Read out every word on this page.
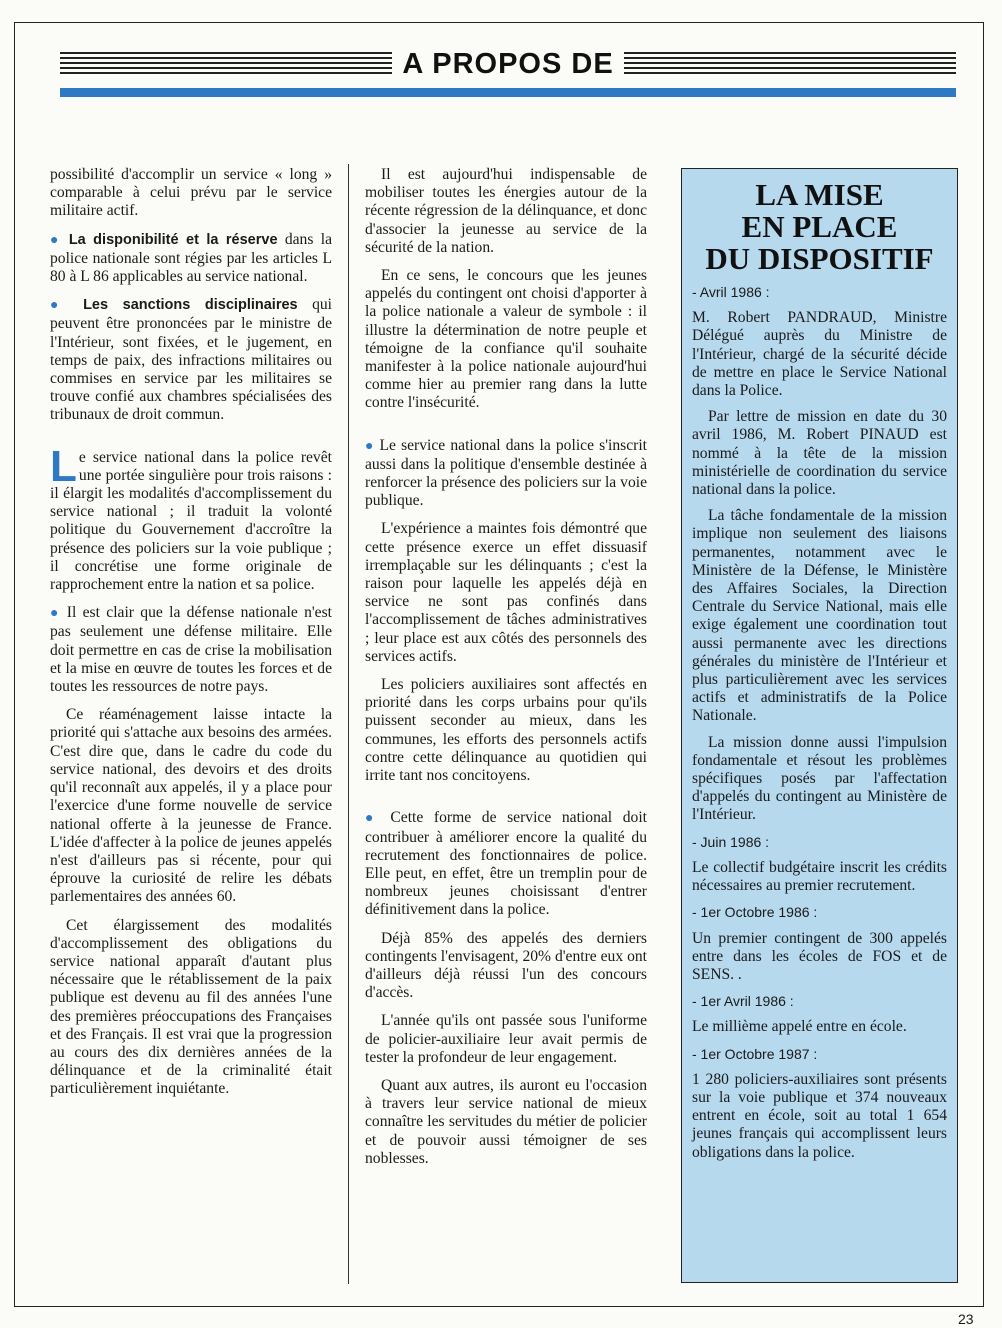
A PROPOS DE

possibilité d'accomplir un service « long » comparable à celui prévu par le service militaire actif.

● La disponibilité et la réserve dans la police nationale sont régies par les articles L 80 à L 86 applicables au service national.

● Les sanctions disciplinaires qui peuvent être prononcées par le ministre de l'Intérieur, sont fixées, et le jugement, en temps de paix, des infractions militaires ou commises en service par les militaires se trouve confié aux chambres spécialisées des tribunaux de droit commun.

Le service national dans la police revêt une portée singulière pour trois raisons : il élargit les modalités d'accomplissement du service national ; il traduit la volonté politique du Gouvernement d'accroître la présence des policiers sur la voie publique ; il concrétise une forme originale de rapprochement entre la nation et sa police.

● Il est clair que la défense nationale n'est pas seulement une défense militaire. Elle doit permettre en cas de crise la mobilisation et la mise en œuvre de toutes les forces et de toutes les ressources de notre pays.

Ce réaménagement laisse intacte la priorité qui s'attache aux besoins des armées. C'est dire que, dans le cadre du code du service national, des devoirs et des droits qu'il reconnaît aux appelés, il y a place pour l'exercice d'une forme nouvelle de service national offerte à la jeunesse de France. L'idée d'affecter à la police de jeunes appelés n'est d'ailleurs pas si récente, pour qui éprouve la curiosité de relire les débats parlementaires des années 60.

Cet élargissement des modalités d'accomplissement des obligations du service national apparaît d'autant plus nécessaire que le rétablissement de la paix publique est devenu au fil des années l'une des premières préoccupations des Françaises et des Français. Il est vrai que la progression au cours des dix dernières années de la délinquance et de la criminalité était particulièrement inquiétante.

Il est aujourd'hui indispensable de mobiliser toutes les énergies autour de la récente régression de la délinquance, et donc d'associer la jeunesse au service de la sécurité de la nation.

En ce sens, le concours que les jeunes appelés du contingent ont choisi d'apporter à la police nationale a valeur de symbole : il illustre la détermination de notre peuple et témoigne de la confiance qu'il souhaite manifester à la police nationale aujourd'hui comme hier au premier rang dans la lutte contre l'insécurité.

● Le service national dans la police s'inscrit aussi dans la politique d'ensemble destinée à renforcer la présence des policiers sur la voie publique.

L'expérience a maintes fois démontré que cette présence exerce un effet dissuasif irremplaçable sur les délinquants ; c'est la raison pour laquelle les appelés déjà en service ne sont pas confinés dans l'accomplissement de tâches administratives ; leur place est aux côtés des personnels des services actifs.

Les policiers auxiliaires sont affectés en priorité dans les corps urbains pour qu'ils puissent seconder au mieux, dans les communes, les efforts des personnels actifs contre cette délinquance au quotidien qui irrite tant nos concitoyens.

● Cette forme de service national doit contribuer à améliorer encore la qualité du recrutement des fonctionnaires de police. Elle peut, en effet, être un tremplin pour de nombreux jeunes choisissant d'entrer définitivement dans la police.

Déjà 85% des appelés des derniers contingents l'envisagent, 20% d'entre eux ont d'ailleurs déjà réussi l'un des concours d'accès.

L'année qu'ils ont passée sous l'uniforme de policier-auxiliaire leur avait permis de tester la profondeur de leur engagement.

Quant aux autres, ils auront eu l'occasion à travers leur service national de mieux connaître les servitudes du métier de policier et de pouvoir aussi témoigner de ses noblesses.

LA MISE
EN PLACE
DU DISPOSITIF

- Avril 1986 :

M. Robert PANDRAUD, Ministre Délégué auprès du Ministre de l'Intérieur, chargé de la sécurité décide de mettre en place le Service National dans la Police.

Par lettre de mission en date du 30 avril 1986, M. Robert PINAUD est nommé à la tête de la mission ministérielle de coordination du service national dans la police.

La tâche fondamentale de la mission implique non seulement des liaisons permanentes, notamment avec le Ministère de la Défense, le Ministère des Affaires Sociales, la Direction Centrale du Service National, mais elle exige également une coordination tout aussi permanente avec les directions générales du ministère de l'Intérieur et plus particulièrement avec les services actifs et administratifs de la Police Nationale.

La mission donne aussi l'impulsion fondamentale et résout les problèmes spécifiques posés par l'affectation d'appelés du contingent au Ministère de l'Intérieur.

- Juin 1986 :

Le collectif budgétaire inscrit les crédits nécessaires au premier recrutement.

- 1er Octobre 1986 :

Un premier contingent de 300 appelés entre dans les écoles de FOS et de SENS. .

- 1er Avril 1986 :

Le millième appelé entre en école.

- 1er Octobre 1987 :

1 280 policiers-auxiliaires sont présents sur la voie publique et 374 nouveaux entrent en école, soit au total 1 654 jeunes français qui accomplissent leurs obligations dans la police.

23
